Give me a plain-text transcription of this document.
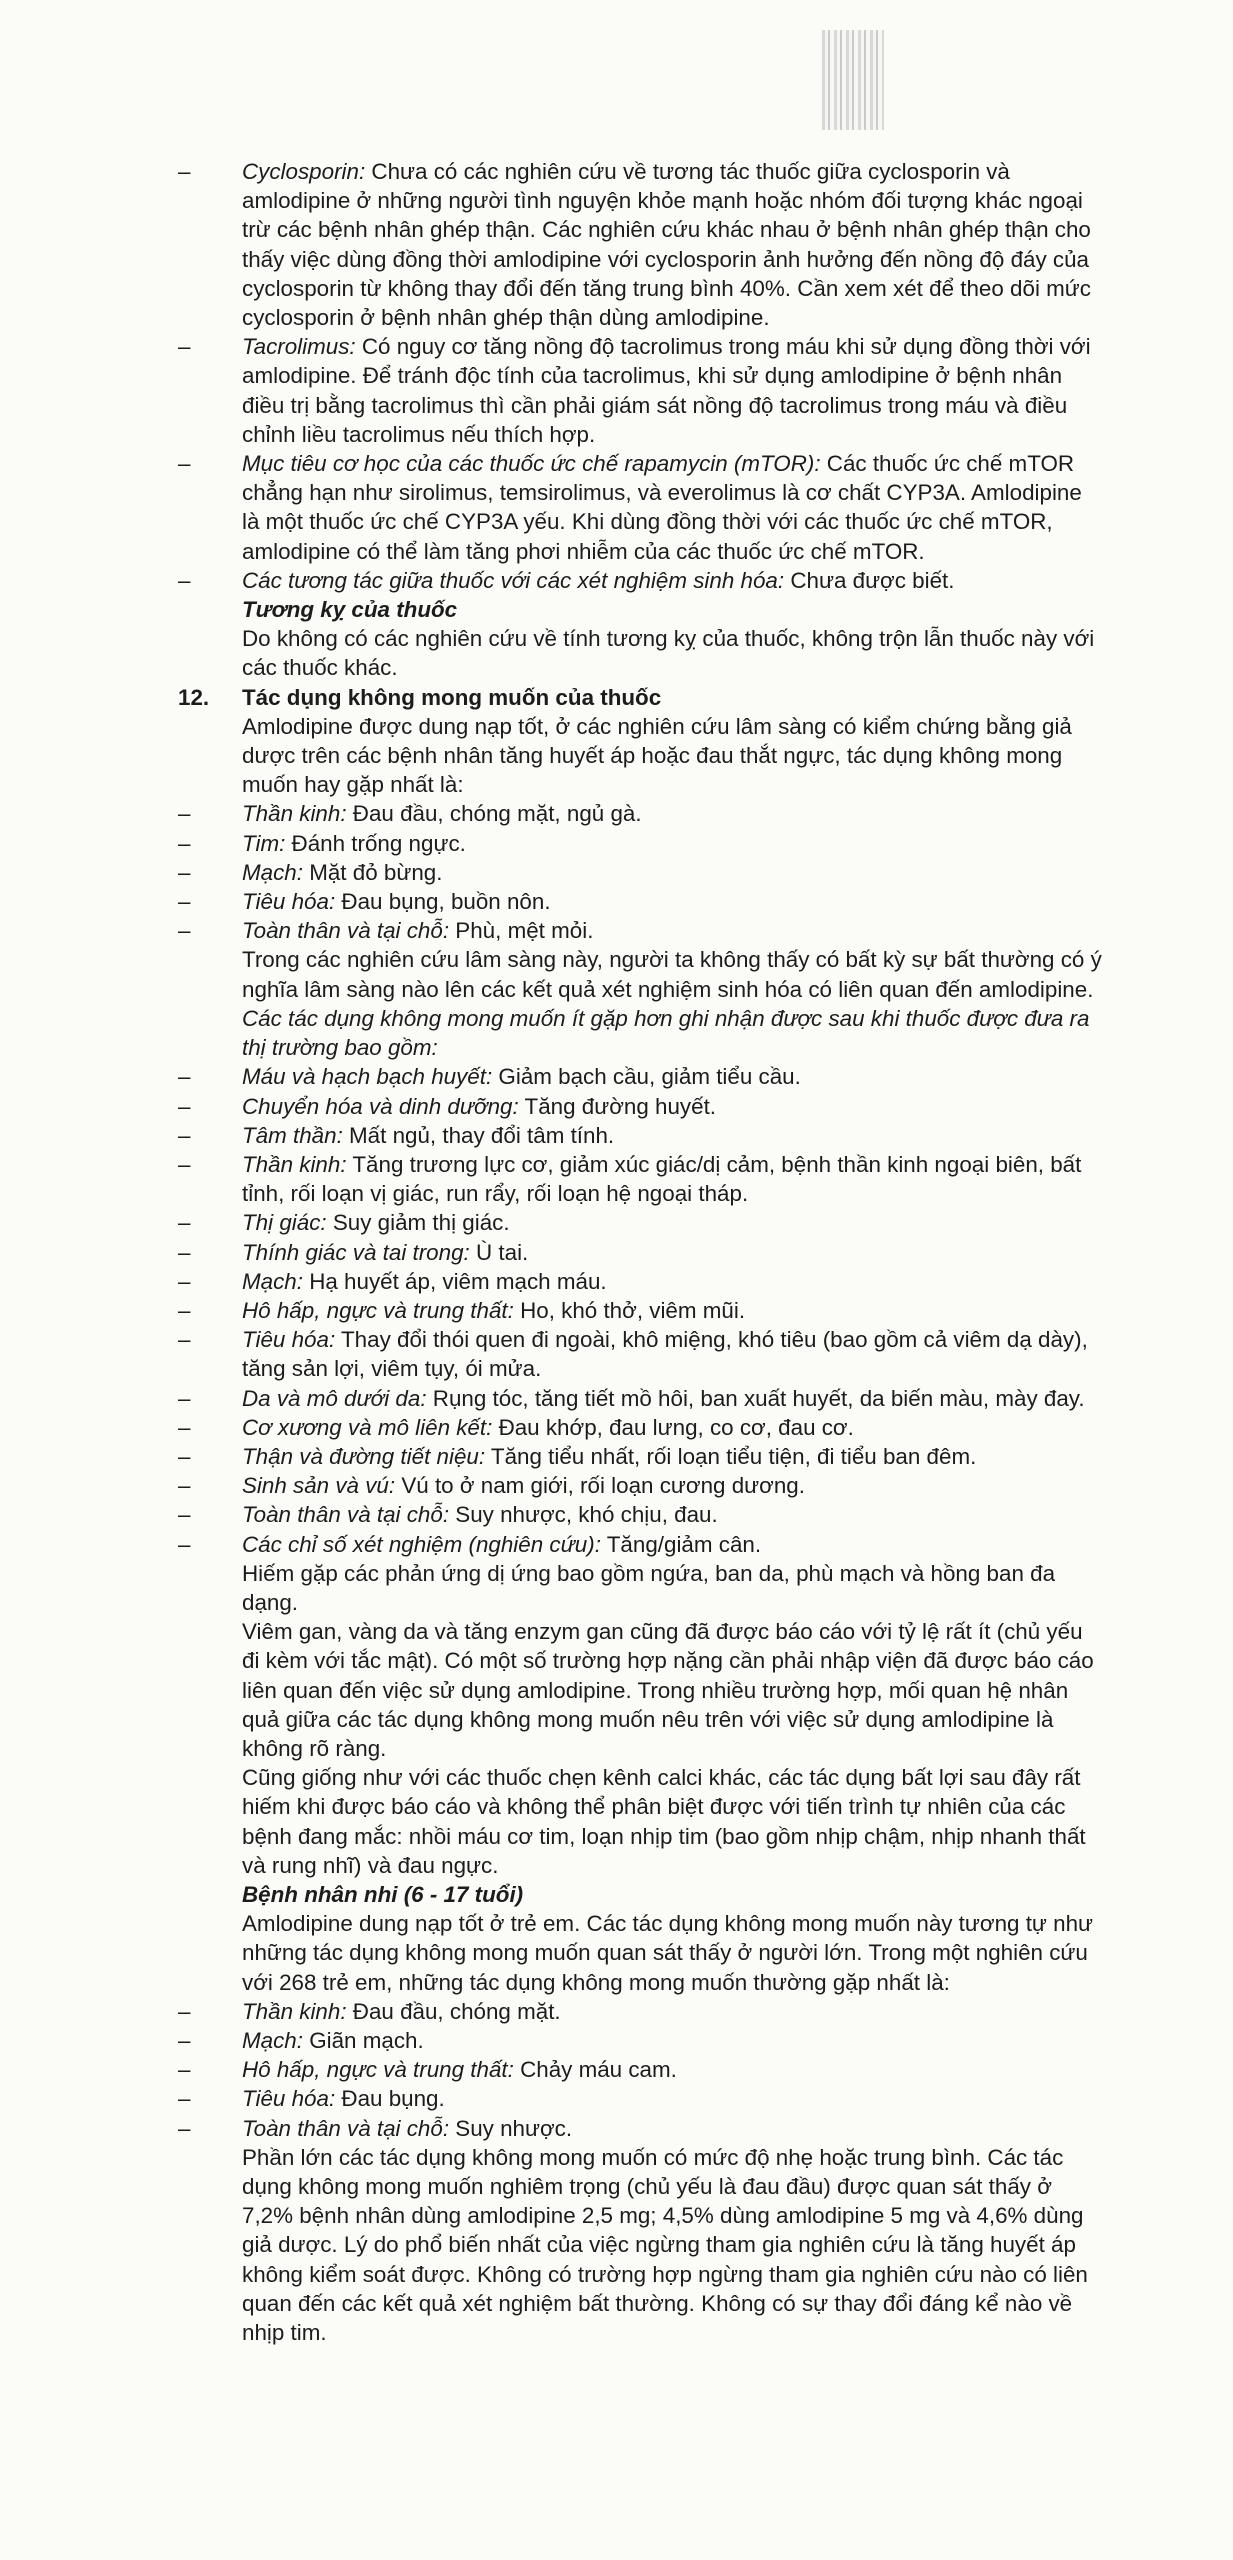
–	Cyclosporin: Chưa có các nghiên cứu về tương tác thuốc giữa cyclosporin và amlodipine ở những người tình nguyện khỏe mạnh hoặc nhóm đối tượng khác ngoại trừ các bệnh nhân ghép thận. Các nghiên cứu khác nhau ở bệnh nhân ghép thận cho thấy việc dùng đồng thời amlodipine với cyclosporin ảnh hưởng đến nồng độ đáy của cyclosporin từ không thay đổi đến tăng trung bình 40%. Cần xem xét để theo dõi mức cyclosporin ở bệnh nhân ghép thận dùng amlodipine.
–	Tacrolimus: Có nguy cơ tăng nồng độ tacrolimus trong máu khi sử dụng đồng thời với amlodipine. Để tránh độc tính của tacrolimus, khi sử dụng amlodipine ở bệnh nhân điều trị bằng tacrolimus thì cần phải giám sát nồng độ tacrolimus trong máu và điều chỉnh liều tacrolimus nếu thích hợp.
–	Mục tiêu cơ học của các thuốc ức chế rapamycin (mTOR): Các thuốc ức chế mTOR chẳng hạn như sirolimus, temsirolimus, và everolimus là cơ chất CYP3A. Amlodipine là một thuốc ức chế CYP3A yếu. Khi dùng đồng thời với các thuốc ức chế mTOR, amlodipine có thể làm tăng phơi nhiễm của các thuốc ức chế mTOR.
–	Các tương tác giữa thuốc với các xét nghiệm sinh hóa: Chưa được biết.
Tương kỵ của thuốc
Do không có các nghiên cứu về tính tương kỵ của thuốc, không trộn lẫn thuốc này với các thuốc khác.
12.	Tác dụng không mong muốn của thuốc
Amlodipine được dung nạp tốt, ở các nghiên cứu lâm sàng có kiểm chứng bằng giả dược trên các bệnh nhân tăng huyết áp hoặc đau thắt ngực, tác dụng không mong muốn hay gặp nhất là:
–	Thần kinh: Đau đầu, chóng mặt, ngủ gà.
–	Tim: Đánh trống ngực.
–	Mạch: Mặt đỏ bừng.
–	Tiêu hóa: Đau bụng, buồn nôn.
–	Toàn thân và tại chỗ: Phù, mệt mỏi.
Trong các nghiên cứu lâm sàng này, người ta không thấy có bất kỳ sự bất thường có ý nghĩa lâm sàng nào lên các kết quả xét nghiệm sinh hóa có liên quan đến amlodipine.
Các tác dụng không mong muốn ít gặp hơn ghi nhận được sau khi thuốc được đưa ra thị trường bao gồm:
–	Máu và hạch bạch huyết: Giảm bạch cầu, giảm tiểu cầu.
–	Chuyển hóa và dinh dưỡng: Tăng đường huyết.
–	Tâm thần: Mất ngủ, thay đổi tâm tính.
–	Thần kinh: Tăng trương lực cơ, giảm xúc giác/dị cảm, bệnh thần kinh ngoại biên, bất tỉnh, rối loạn vị giác, run rẩy, rối loạn hệ ngoại tháp.
–	Thị giác: Suy giảm thị giác.
–	Thính giác và tai trong: Ù tai.
–	Mạch: Hạ huyết áp, viêm mạch máu.
–	Hô hấp, ngực và trung thất: Ho, khó thở, viêm mũi.
–	Tiêu hóa: Thay đổi thói quen đi ngoài, khô miệng, khó tiêu (bao gồm cả viêm dạ dày), tăng sản lợi, viêm tụy, ói mửa.
–	Da và mô dưới da: Rụng tóc, tăng tiết mồ hôi, ban xuất huyết, da biến màu, mày đay.
–	Cơ xương và mô liên kết: Đau khớp, đau lưng, co cơ, đau cơ.
–	Thận và đường tiết niệu: Tăng tiểu nhất, rối loạn tiểu tiện, đi tiểu ban đêm.
–	Sinh sản và vú: Vú to ở nam giới, rối loạn cương dương.
–	Toàn thân và tại chỗ: Suy nhược, khó chịu, đau.
–	Các chỉ số xét nghiệm (nghiên cứu): Tăng/giảm cân.
Hiếm gặp các phản ứng dị ứng bao gồm ngứa, ban da, phù mạch và hồng ban đa dạng.
Viêm gan, vàng da và tăng enzym gan cũng đã được báo cáo với tỷ lệ rất ít (chủ yếu đi kèm với tắc mật). Có một số trường hợp nặng cần phải nhập viện đã được báo cáo liên quan đến việc sử dụng amlodipine. Trong nhiều trường hợp, mối quan hệ nhân quả giữa các tác dụng không mong muốn nêu trên với việc sử dụng amlodipine là không rõ ràng.
Cũng giống như với các thuốc chẹn kênh calci khác, các tác dụng bất lợi sau đây rất hiếm khi được báo cáo và không thể phân biệt được với tiến trình tự nhiên của các bệnh đang mắc: nhồi máu cơ tim, loạn nhịp tim (bao gồm nhịp chậm, nhịp nhanh thất và rung nhĩ) và đau ngực.
Bệnh nhân nhi (6 - 17 tuổi)
Amlodipine dung nạp tốt ở trẻ em. Các tác dụng không mong muốn này tương tự như những tác dụng không mong muốn quan sát thấy ở người lớn. Trong một nghiên cứu với 268 trẻ em, những tác dụng không mong muốn thường gặp nhất là:
–	Thần kinh: Đau đầu, chóng mặt.
–	Mạch: Giãn mạch.
–	Hô hấp, ngực và trung thất: Chảy máu cam.
–	Tiêu hóa: Đau bụng.
–	Toàn thân và tại chỗ: Suy nhược.
Phần lớn các tác dụng không mong muốn có mức độ nhẹ hoặc trung bình. Các tác dụng không mong muốn nghiêm trọng (chủ yếu là đau đầu) được quan sát thấy ở 7,2% bệnh nhân dùng amlodipine 2,5 mg; 4,5% dùng amlodipine 5 mg và 4,6% dùng giả dược. Lý do phổ biến nhất của việc ngừng tham gia nghiên cứu là tăng huyết áp không kiểm soát được. Không có trường hợp ngừng tham gia nghiên cứu nào có liên quan đến các kết quả xét nghiệm bất thường. Không có sự thay đổi đáng kể nào về nhịp tim.
